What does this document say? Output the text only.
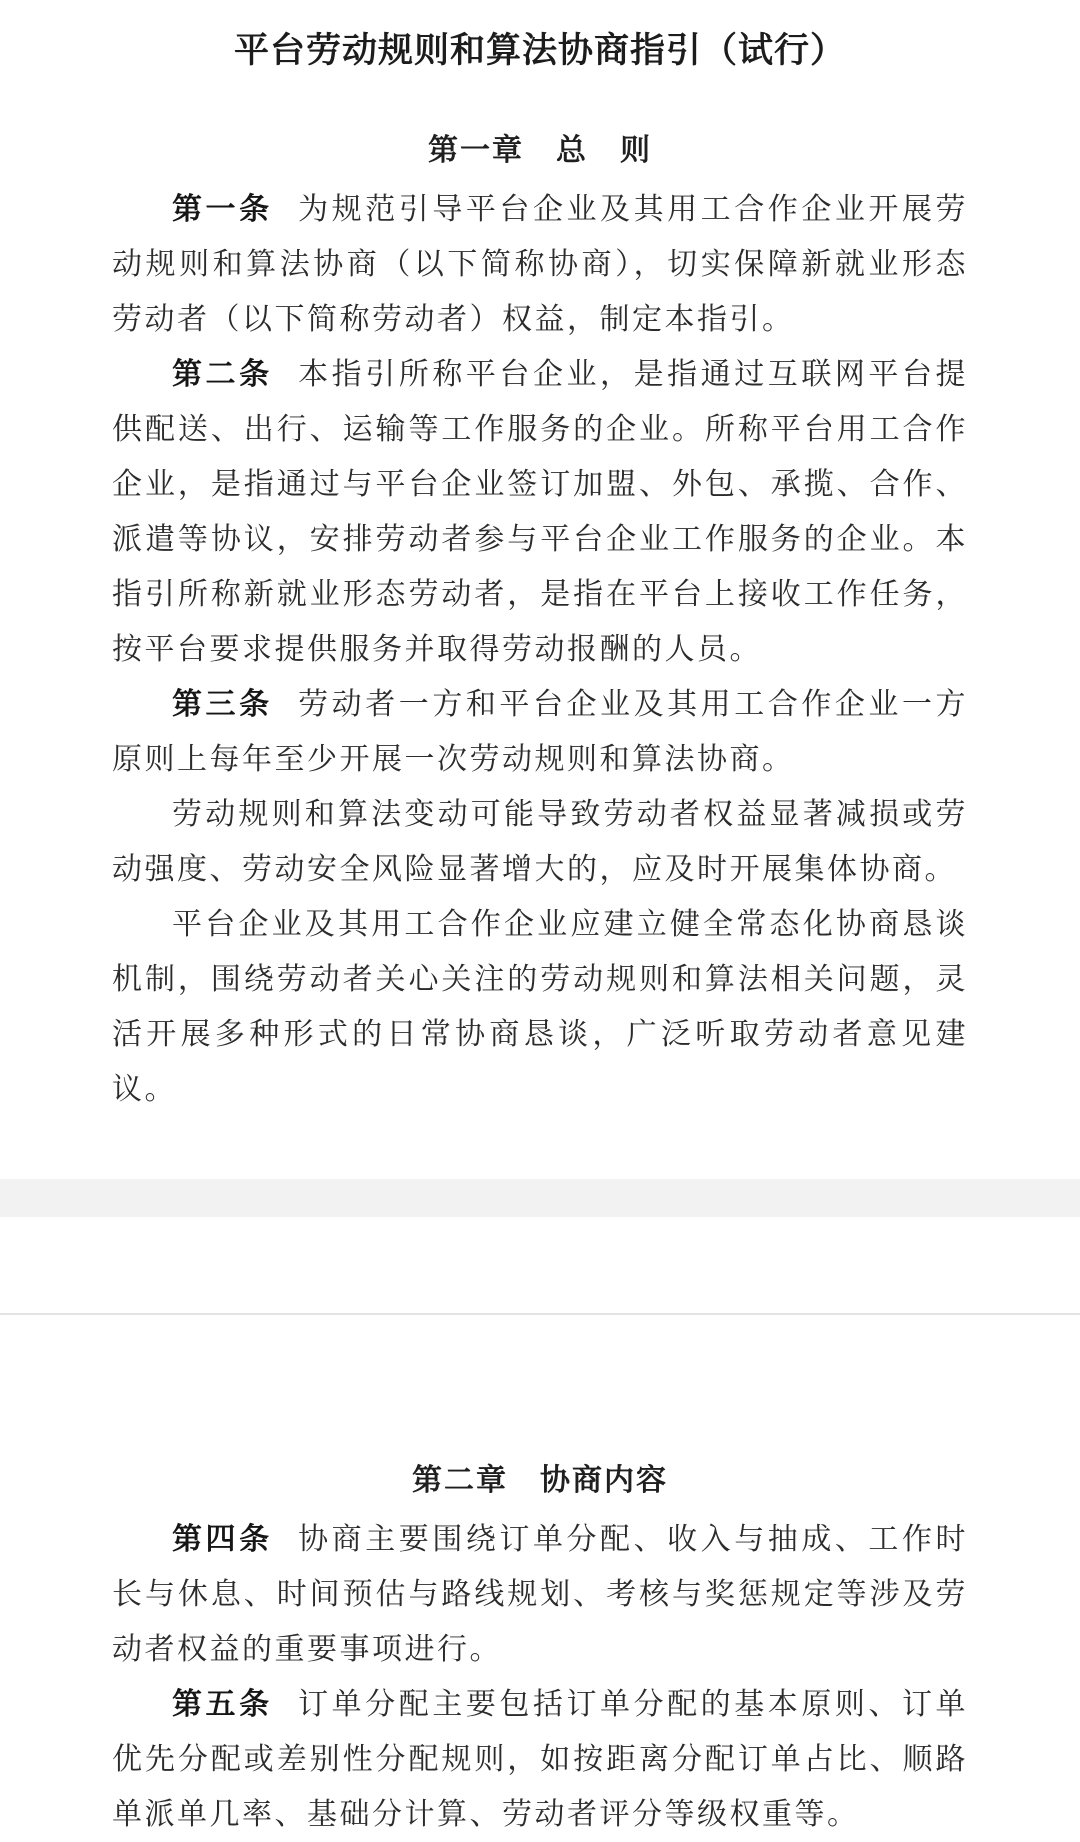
平台劳动规则和算法协商指引（试行）
第一章　总　则

第一条 为规范引导平台企业及其用工合作企业开展劳动规则和算法协商（以下简称协商），切实保障新就业形态劳动者（以下简称劳动者）权益，制定本指引。

第二条 本指引所称平台企业，是指通过互联网平台提供配送、出行、运输等工作服务的企业。所称平台用工合作企业，是指通过与平台企业签订加盟、外包、承揽、合作、派遣等协议，安排劳动者参与平台企业工作服务的企业。本指引所称新就业形态劳动者，是指在平台上接收工作任务，按平台要求提供服务并取得劳动报酬的人员。

第三条 劳动者一方和平台企业及其用工合作企业一方原则上每年至少开展一次劳动规则和算法协商。

劳动规则和算法变动可能导致劳动者权益显著减损或劳动强度、劳动安全风险显著增大的，应及时开展集体协商。

平台企业及其用工合作企业应建立健全常态化协商恳谈机制，围绕劳动者关心关注的劳动规则和算法相关问题，灵活开展多种形式的日常协商恳谈，广泛听取劳动者意见建议。

第二章　协商内容

第四条 协商主要围绕订单分配、收入与抽成、工作时长与休息、时间预估与路线规划、考核与奖惩规定等涉及劳动者权益的重要事项进行。

第五条 订单分配主要包括订单分配的基本原则、订单优先分配或差别性分配规则，如按距离分配订单占比、顺路单派单几率、基础分计算、劳动者评分等级权重等。
